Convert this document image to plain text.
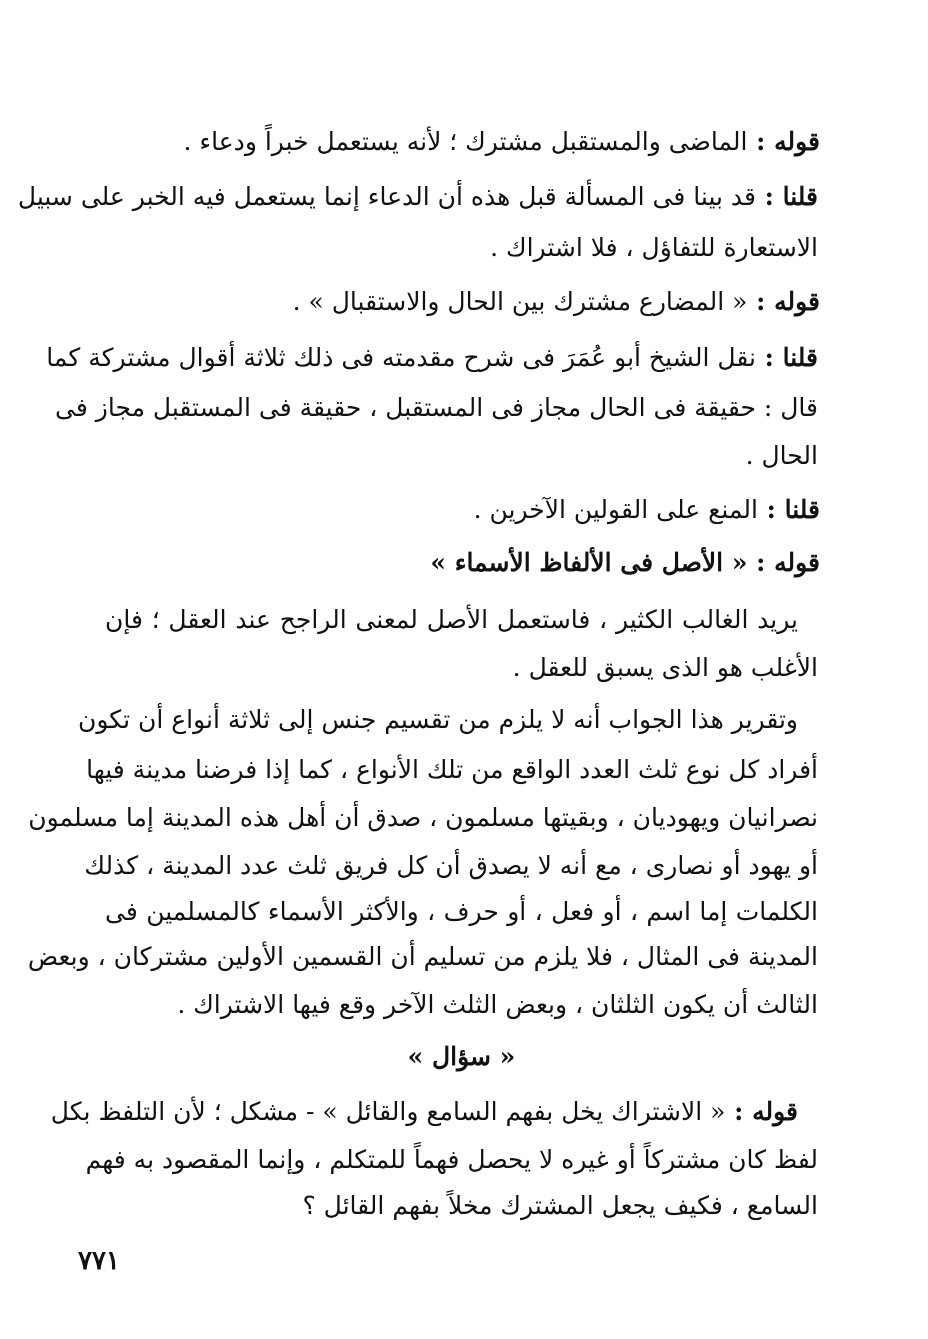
قوله : الماضى والمستقبل مشترك ؛ لأنه يستعمل خبراً ودعاء .
قلنا : قد بينا فى المسألة قبل هذه أن الدعاء إنما يستعمل فيه الخبر على سبيل
الاستعارة للتفاؤل ، فلا اشتراك .
قوله : « المضارع مشترك بين الحال والاستقبال » .
قلنا : نقل الشيخ أبو عُمَرَ فى شرح مقدمته فى ذلك ثلاثة أقوال مشتركة كما
قال : حقيقة فى الحال مجاز فى المستقبل ، حقيقة فى المستقبل مجاز فى
الحال .
قلنا : المنع على القولين الآخرين .
قوله : « الأصل فى الألفاظ الأسماء »
يريد الغالب الكثير ، فاستعمل الأصل لمعنى الراجح عند العقل ؛ فإن
الأغلب هو الذى يسبق للعقل .
وتقرير هذا الجواب أنه لا يلزم من تقسيم جنس إلى ثلاثة أنواع أن تكون
أفراد كل نوع ثلث العدد الواقع من تلك الأنواع ، كما إذا فرضنا مدينة فيها
نصرانيان ويهوديان ، وبقيتها مسلمون ، صدق أن أهل هذه المدينة إما مسلمون
أو يهود أو نصارى ، مع أنه لا يصدق أن كل فريق ثلث عدد المدينة ، كذلك
الكلمات إما اسم ، أو فعل ، أو حرف ، والأكثر الأسماء كالمسلمين فى
المدينة فى المثال ، فلا يلزم من تسليم أن القسمين الأولين مشتركان ، وبعض
الثالث أن يكون الثلثان ، وبعض الثلث الآخر وقع فيها الاشتراك .
« سؤال »
قوله : « الاشتراك يخل بفهم السامع والقائل » - مشكل ؛ لأن التلفظ بكل
لفظ كان مشتركاً أو غيره لا يحصل فهماً للمتكلم ، وإنما المقصود به فهم
السامع ، فكيف يجعل المشترك مخلاً بفهم القائل ؟
٧٧١
